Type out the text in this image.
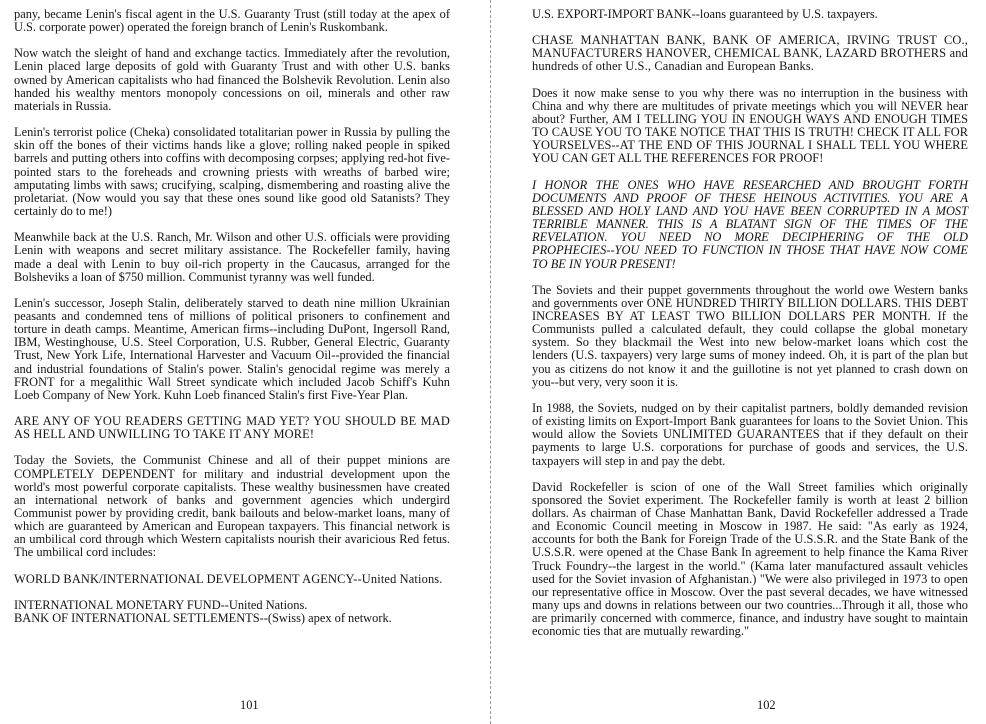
pany, became Lenin's fiscal agent in the U.S. Guaranty Trust (still today at the apex of U.S. corporate power) operated the foreign branch of Lenin's Ruskombank.

Now watch the sleight of hand and exchange tactics. Immediately after the revolution, Lenin placed large deposits of gold with Guaranty Trust and with other U.S. banks owned by American capitalists who had financed the Bolshevik Revolution. Lenin also handed his wealthy mentors monopoly concessions on oil, minerals and other raw materials in Russia.

Lenin's terrorist police (Cheka) consolidated totalitarian power in Russia by pulling the skin off the bones of their victims hands like a glove; rolling naked people in spiked barrels and putting others into coffins with decomposing corpses; applying red-hot five-pointed stars to the foreheads and crowning priests with wreaths of barbed wire; amputating limbs with saws; crucifying, scalping, dismembering and roasting alive the proletariat. (Now would you say that these ones sound like good old Satanists? They certainly do to me!)

Meanwhile back at the U.S. Ranch, Mr. Wilson and other U.S. officials were providing Lenin with weapons and secret military assistance. The Rockefeller family, having made a deal with Lenin to buy oil-rich property in the Caucasus, arranged for the Bolsheviks a loan of $750 million. Communist tyranny was well funded.

Lenin's successor, Joseph Stalin, deliberately starved to death nine million Ukrainian peasants and condemned tens of millions of political prisoners to confinement and torture in death camps. Meantime, American firms--including DuPont, Ingersoll Rand, IBM, Westinghouse, U.S. Steel Corporation, U.S. Rubber, General Electric, Guaranty Trust, New York Life, International Harvester and Vacuum Oil--provided the financial and industrial foundations of Stalin's power. Stalin's genocidal regime was merely a FRONT for a megalithic Wall Street syndicate which included Jacob Schiff's Kuhn Loeb Company of New York. Kuhn Loeb financed Stalin's first Five-Year Plan.

ARE ANY OF YOU READERS GETTING MAD YET? YOU SHOULD BE MAD AS HELL AND UNWILLING TO TAKE IT ANY MORE!

Today the Soviets, the Communist Chinese and all of their puppet minions are COMPLETELY DEPENDENT for military and industrial development upon the world's most powerful corporate capitalists. These wealthy businessmen have created an international network of banks and government agencies which undergird Communist power by providing credit, bank bailouts and below-market loans, many of which are guaranteed by American and European taxpayers. This financial network is an umbilical cord through which Western capitalists nourish their avaricious Red fetus. The umbilical cord includes:

WORLD BANK/INTERNATIONAL DEVELOPMENT AGENCY--United Nations.

INTERNATIONAL MONETARY FUND--United Nations.

BANK OF INTERNATIONAL SETTLEMENTS--(Swiss) apex of network.

U.S. EXPORT-IMPORT BANK--loans guaranteed by U.S. taxpayers.

CHASE MANHATTAN BANK, BANK OF AMERICA, IRVING TRUST CO., MANUFACTURERS HANOVER, CHEMICAL BANK, LAZARD BROTHERS and hundreds of other U.S., Canadian and European Banks.

Does it now make sense to you why there was no interruption in the business with China and why there are multitudes of private meetings which you will NEVER hear about? Further, AM I TELLING YOU IN ENOUGH WAYS AND ENOUGH TIMES TO CAUSE YOU TO TAKE NOTICE THAT THIS IS TRUTH! CHECK IT ALL FOR YOURSELVES--AT THE END OF THIS JOURNAL I SHALL TELL YOU WHERE YOU CAN GET ALL THE REFERENCES FOR PROOF!

I HONOR THE ONES WHO HAVE RESEARCHED AND BROUGHT FORTH DOCUMENTS AND PROOF OF THESE HEINOUS ACTIVITIES. YOU ARE A BLESSED AND HOLY LAND AND YOU HAVE BEEN CORRUPTED IN A MOST TERRIBLE MANNER. THIS IS A BLATANT SIGN OF THE TIMES OF THE REVELATION. YOU NEED NO MORE DECIPHERING OF THE OLD PROPHECIES--YOU NEED TO FUNCTION IN THOSE THAT HAVE NOW COME TO BE IN YOUR PRESENT!

The Soviets and their puppet governments throughout the world owe Western banks and governments over ONE HUNDRED THIRTY BILLION DOLLARS. THIS DEBT INCREASES BY AT LEAST TWO BILLION DOLLARS PER MONTH. If the Communists pulled a calculated default, they could collapse the global monetary system. So they blackmail the West into new below-market loans which cost the lenders (U.S. taxpayers) very large sums of money indeed. Oh, it is part of the plan but you as citizens do not know it and the guillotine is not yet planned to crash down on you--but very, very soon it is.

In 1988, the Soviets, nudged on by their capitalist partners, boldly demanded revision of existing limits on Export-Import Bank guarantees for loans to the Soviet Union. This would allow the Soviets UNLIMITED GUARANTEES that if they default on their payments to large U.S. corporations for purchase of goods and services, the U.S. taxpayers will step in and pay the debt.

David Rockefeller is scion of one of the Wall Street families which originally sponsored the Soviet experiment. The Rockefeller family is worth at least 2 billion dollars. As chairman of Chase Manhattan Bank, David Rockefeller addressed a Trade and Economic Council meeting in Moscow in 1987. He said: "As early as 1924, accounts for both the Bank for Foreign Trade of the U.S.S.R. and the State Bank of the U.S.S.R. were opened at the Chase Bank In agreement to help finance the Kama River Truck Foundry--the largest in the world." (Kama later manufactured assault vehicles used for the Soviet invasion of Afghanistan.) "We were also privileged in 1973 to open our representative office in Moscow. Over the past several decades, we have witnessed many ups and downs in relations between our two countries...Through it all, those who are primarily concerned with commerce, finance, and industry have sought to maintain economic ties that are mutually rewarding."

101	102
